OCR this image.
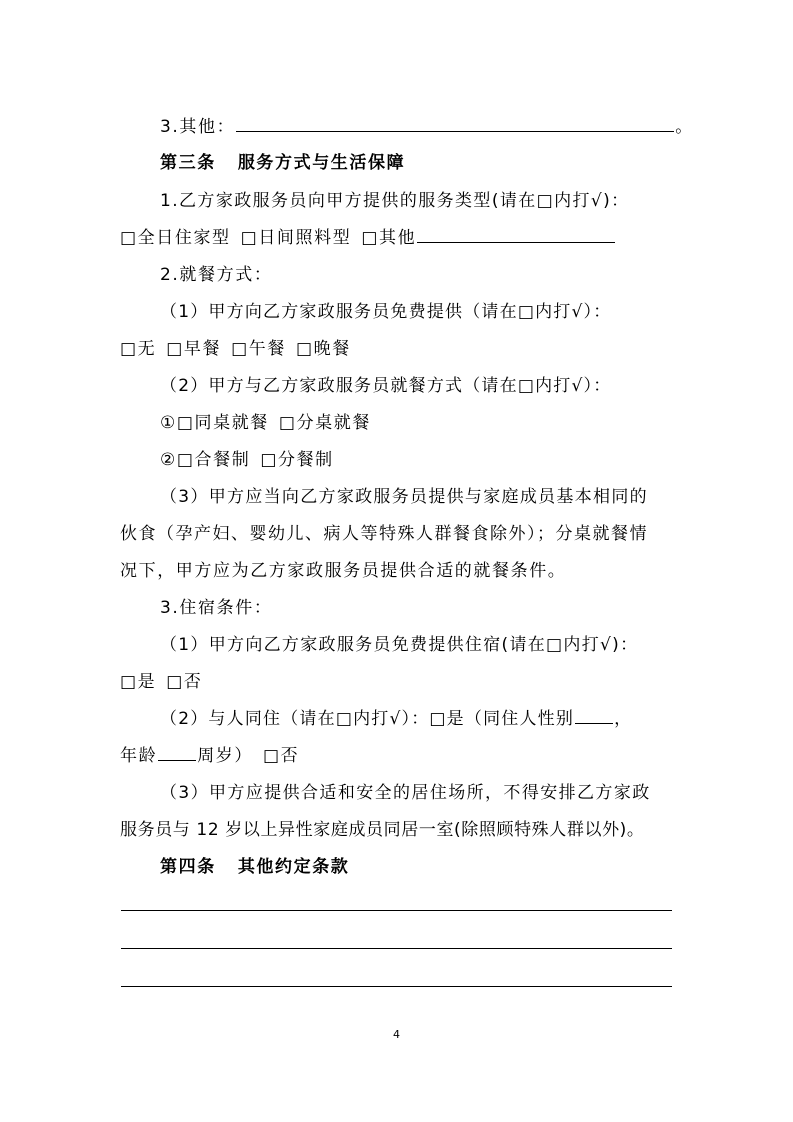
3.其他：	。
第三条 服务方式与生活保障
1.乙方家政服务员向甲方提供的服务类型(请在□内打√)：
□全日住家型 □日间照料型 □其他
2.就餐方式：
（1）甲方向乙方家政服务员免费提供（请在□内打√）：
□无 □早餐 □午餐 □晚餐
（2）甲方与乙方家政服务员就餐方式（请在□内打√）：
①□同桌就餐 □分桌就餐
②□合餐制 □分餐制
（3）甲方应当向乙方家政服务员提供与家庭成员基本相同的
伙食（孕产妇、婴幼儿、病人等特殊人群餐食除外）；分桌就餐情
况下，甲方应为乙方家政服务员提供合适的就餐条件。
3.住宿条件：
（1）甲方向乙方家政服务员免费提供住宿(请在□内打√)：
□是 □否
（2）与人同住（请在□内打√）：□是（同住人性别 ，
年龄 周岁） □否
（3）甲方应提供合适和安全的居住场所，不得安排乙方家政
服务员与 12 岁以上异性家庭成员同居一室(除照顾特殊人群以外)。
第四条 其他约定条款
4
